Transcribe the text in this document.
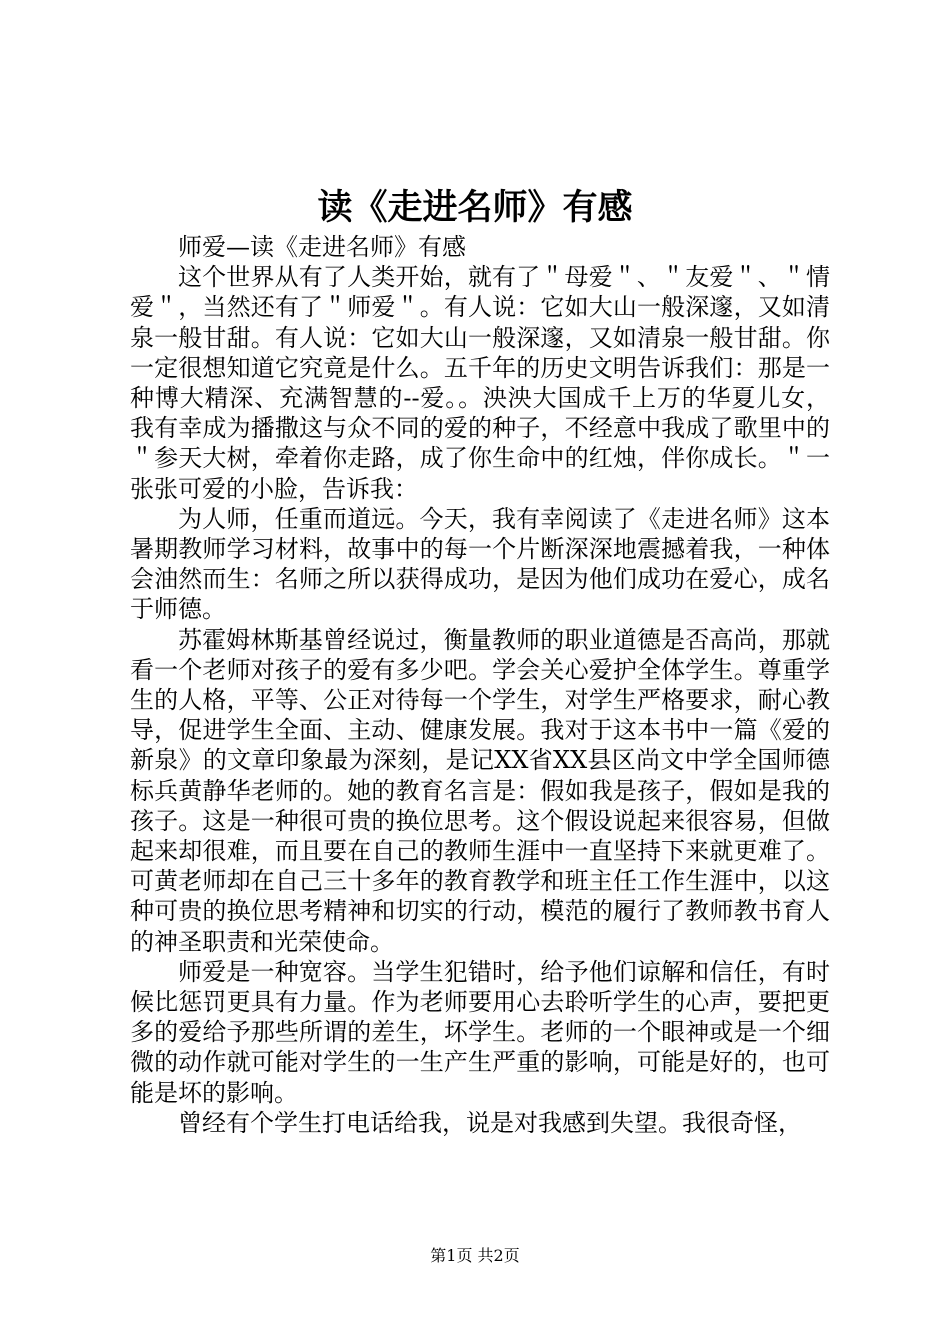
读《走进名师》有感

师爱—读《走进名师》有感

这个世界从有了人类开始，就有了＂母爱＂、＂友爱＂、＂情爱＂，当然还有了＂师爱＂。有人说：它如大山一般深邃，又如清泉一般甘甜。有人说：它如大山一般深邃，又如清泉一般甘甜。你一定很想知道它究竟是什么。五千年的历史文明告诉我们：那是一种博大精深、充满智慧的--爱。。泱泱大国成千上万的华夏儿女，我有幸成为播撒这与众不同的爱的种子，不经意中我成了歌里中的＂参天大树，牵着你走路，成了你生命中的红烛，伴你成长。＂一张张可爱的小脸，告诉我：

为人师，任重而道远。今天，我有幸阅读了《走进名师》这本暑期教师学习材料，故事中的每一个片断深深地震撼着我，一种体会油然而生：名师之所以获得成功，是因为他们成功在爱心，成名于师德。

苏霍姆林斯基曾经说过，衡量教师的职业道德是否高尚，那就看一个老师对孩子的爱有多少吧。学会关心爱护全体学生。尊重学生的人格，平等、公正对待每一个学生，对学生严格要求，耐心教导，促进学生全面、主动、健康发展。我对于这本书中一篇《爱的新泉》的文章印象最为深刻，是记XX省XX县区尚文中学全国师德标兵黄静华老师的。她的教育名言是：假如我是孩子，假如是我的孩子。这是一种很可贵的换位思考。这个假设说起来很容易，但做起来却很难，而且要在自己的教师生涯中一直坚持下来就更难了。可黄老师却在自己三十多年的教育教学和班主任工作生涯中，以这种可贵的换位思考精神和切实的行动，模范的履行了教师教书育人的神圣职责和光荣使命。

师爱是一种宽容。当学生犯错时，给予他们谅解和信任，有时候比惩罚更具有力量。作为老师要用心去聆听学生的心声，要把更多的爱给予那些所谓的差生，坏学生。老师的一个眼神或是一个细微的动作就可能对学生的一生产生严重的影响，可能是好的，也可能是坏的影响。

曾经有个学生打电话给我，说是对我感到失望。我很奇怪，

第1页 共2页
